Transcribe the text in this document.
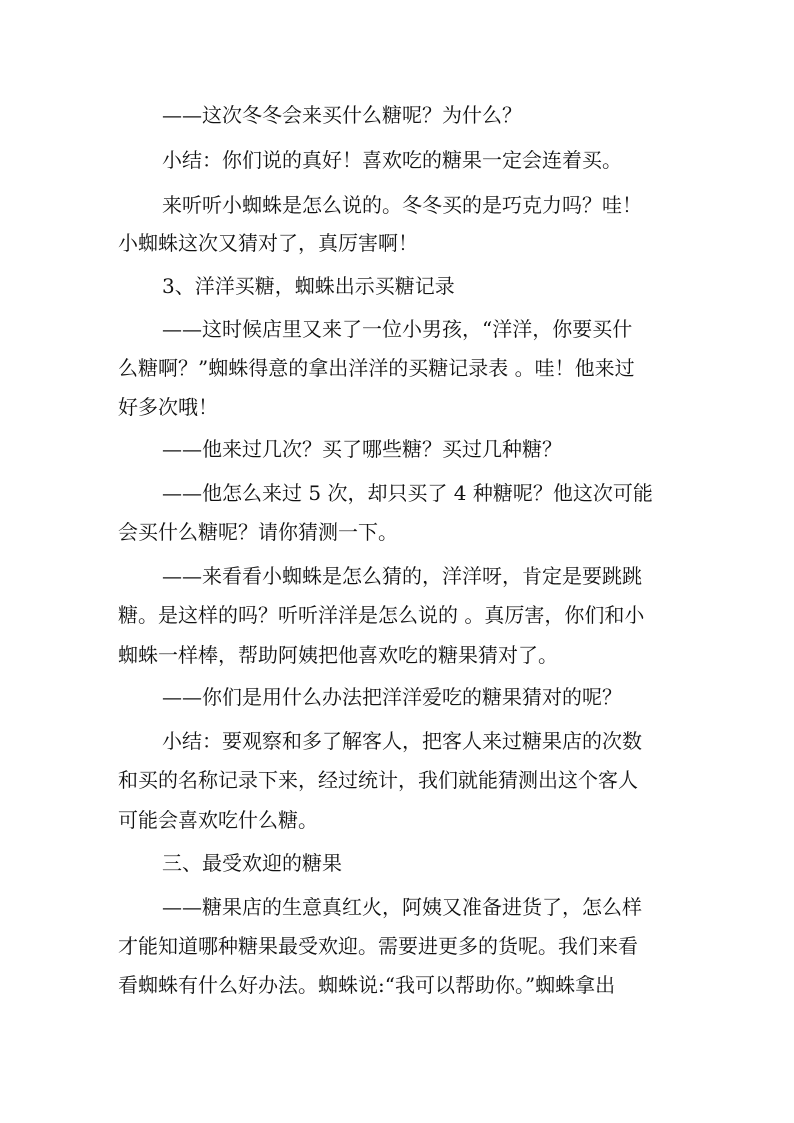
——这次冬冬会来买什么糖呢？为什么？
小结：你们说的真好！喜欢吃的糖果一定会连着买。
来听听小蜘蛛是怎么说的。冬冬买的是巧克力吗？哇！
小蜘蛛这次又猜对了，真厉害啊！
3、洋洋买糖，蜘蛛出示买糖记录
——这时候店里又来了一位小男孩，“洋洋，你要买什
么糖啊？”蜘蛛得意的拿出洋洋的买糖记录表 。哇！他来过
好多次哦！
——他来过几次？买了哪些糖？买过几种糖？
——他怎么来过 5 次，却只买了 4 种糖呢？他这次可能
会买什么糖呢？请你猜测一下。
——来看看小蜘蛛是怎么猜的，洋洋呀，肯定是要跳跳
糖。是这样的吗？听听洋洋是怎么说的 。真厉害，你们和小
蜘蛛一样棒，帮助阿姨把他喜欢吃的糖果猜对了。
——你们是用什么办法把洋洋爱吃的糖果猜对的呢？
小结：要观察和多了解客人，把客人来过糖果店的次数
和买的名称记录下来，经过统计，我们就能猜测出这个客人
可能会喜欢吃什么糖。
三、最受欢迎的糖果
——糖果店的生意真红火，阿姨又准备进货了，怎么样
才能知道哪种糖果最受欢迎。需要进更多的货呢。我们来看
看蜘蛛有什么好办法。蜘蛛说:“我可以帮助你。”蜘蛛拿出
